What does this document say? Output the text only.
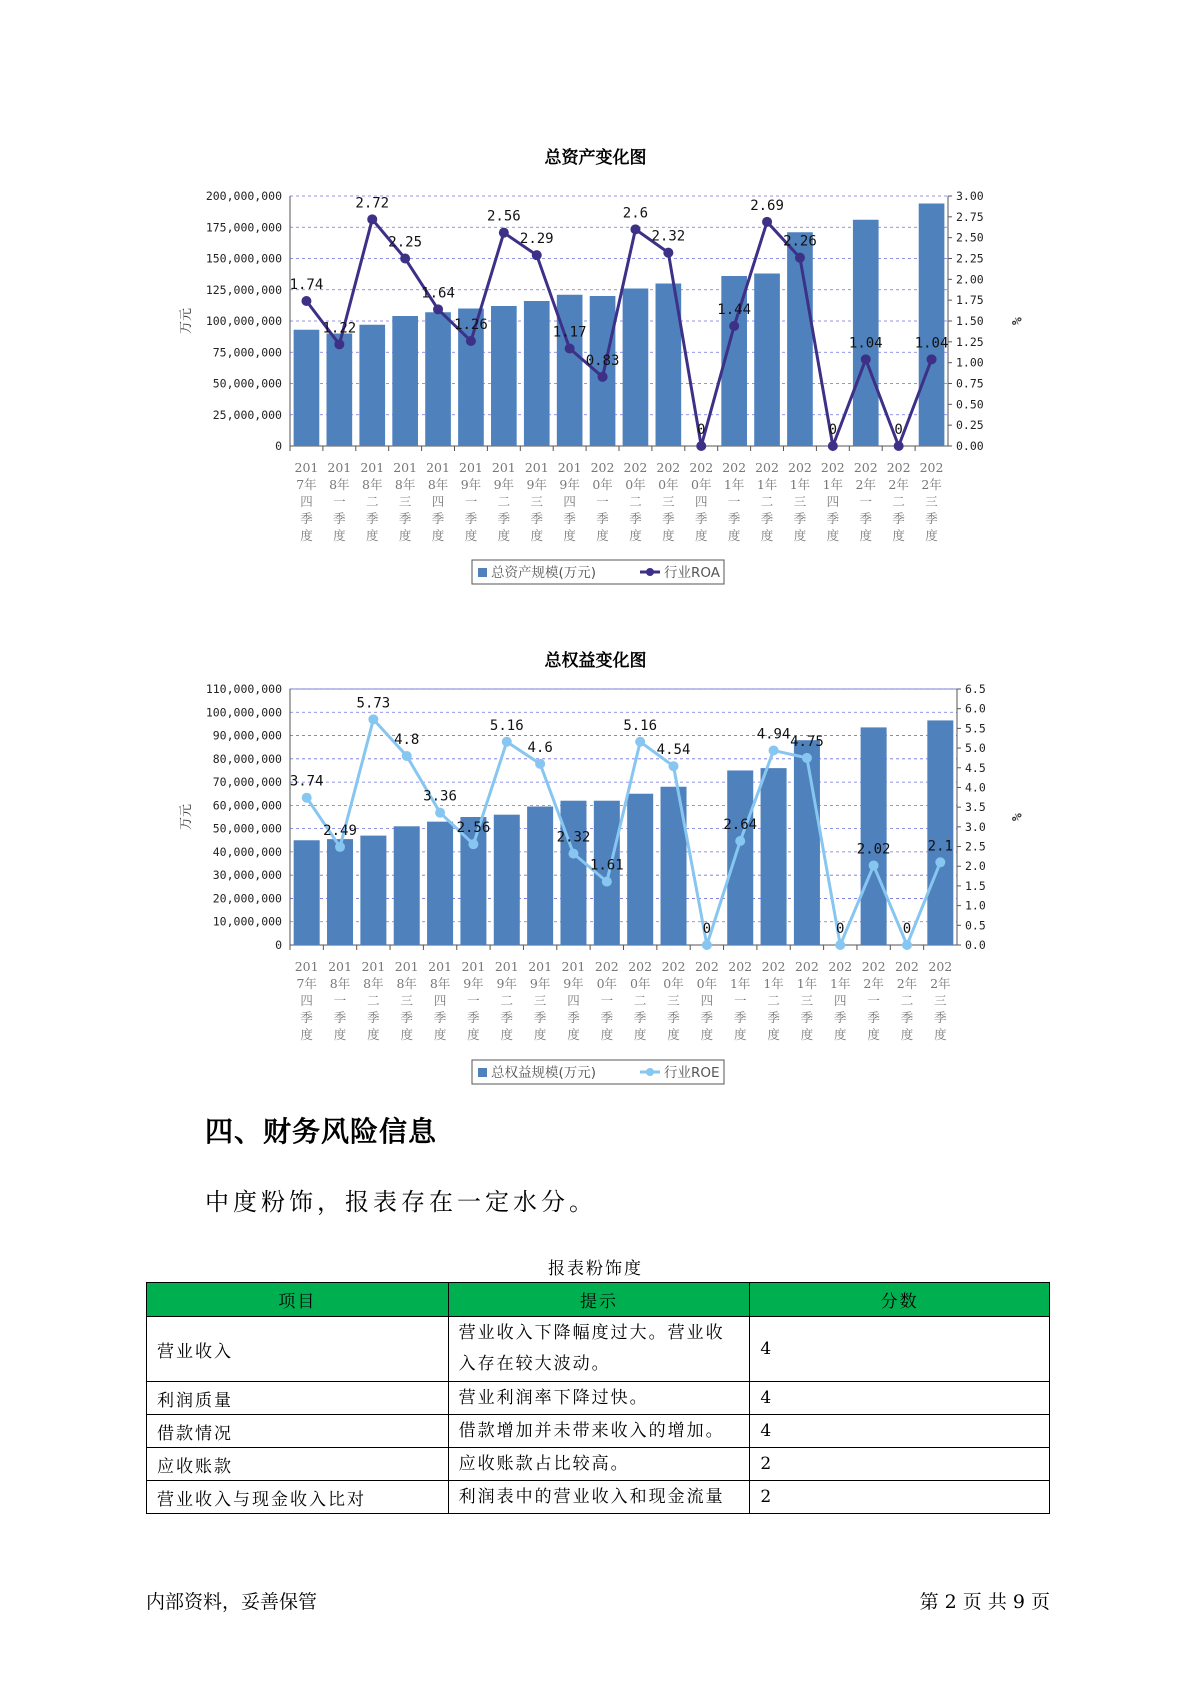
总资产变化图
0
25,000,000
50,000,000
75,000,000
100,000,000
125,000,000
150,000,000
175,000,000
200,000,000
0.00
0.25
0.50
0.75
1.00
1.25
1.50
1.75
2.00
2.25
2.50
2.75
3.00
万元	%
201
7年
四
季
度
201
8年
一
季
度
201
8年
二
季
度
201
8年
三
季
度
201
8年
四
季
度
201
9年
一
季
度
201
9年
二
季
度
201
9年
三
季
度
201
9年
四
季
度
202
0年
一
季
度
202
0年
二
季
度
202
0年
三
季
度
202
0年
四
季
度
202
1年
一
季
度
202
1年
二
季
度
202
1年
三
季
度
202
1年
四
季
度
202
2年
一
季
度
202
2年
二
季
度
202
2年
三
季
度
1.74
1.22
2.72
2.25
1.64
1.26
2.56
2.29
1.17
0.83
2.6
2.32
0
1.44
2.69
2.26
0
1.04
0
1.04
总资产规模(万元)	行业ROA
总权益变化图
0
10,000,000
20,000,000
30,000,000
40,000,000
50,000,000
60,000,000
70,000,000
80,000,000
90,000,000
100,000,000
110,000,000
0.0
0.5
1.0
1.5
2.0
2.5
3.0
3.5
4.0
4.5
5.0
5.5
6.0
6.5
万元	%
201
7年
四
季
度
201
8年
一
季
度
201
8年
二
季
度
201
8年
三
季
度
201
8年
四
季
度
201
9年
一
季
度
201
9年
二
季
度
201
9年
三
季
度
201
9年
四
季
度
202
0年
一
季
度
202
0年
二
季
度
202
0年
三
季
度
202
0年
四
季
度
202
1年
一
季
度
202
1年
二
季
度
202
1年
三
季
度
202
1年
四
季
度
202
2年
一
季
度
202
2年
二
季
度
202
2年
三
季
度
3.74
2.49
5.73
4.8
3.36
2.56
5.16
4.6
2.32
1.61
5.16
4.54
0
2.64
4.94 4.75
0
2.02
0
2.1
总权益规模(万元)	行业ROE
四、财务风险信息
中度粉饰，报表存在一定水分。
报表粉饰度
项目	提示	分数
营业收入	营业收入下降幅度过大。营业收入存在较大波动。	4
利润质量	营业利润率下降过快。	4
借款情况	借款增加并未带来收入的增加。	4
应收账款	应收账款占比较高。	2
营业收入与现金收入比对	利润表中的营业收入和现金流量	2
内部资料，妥善保管	第 2 页 共 9 页
